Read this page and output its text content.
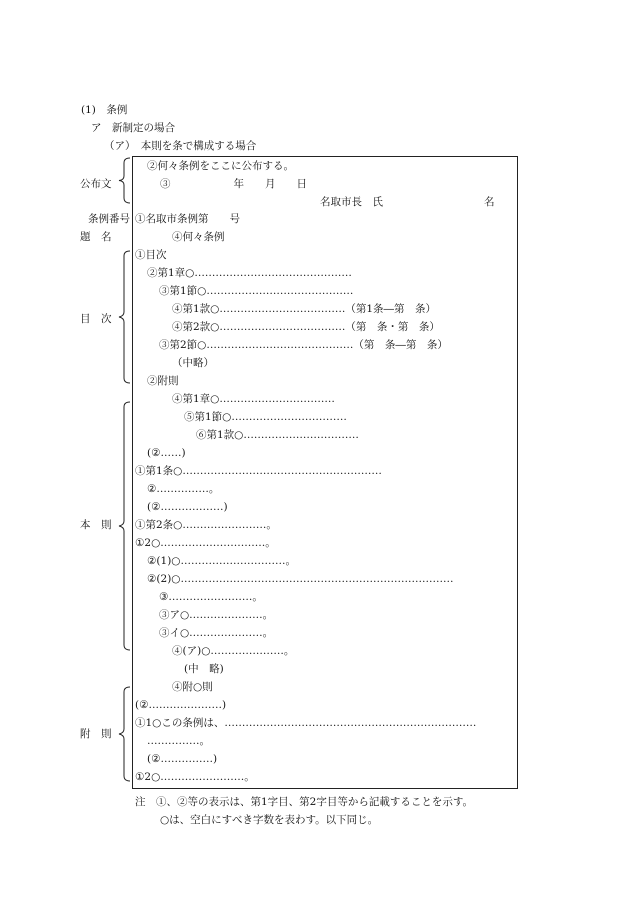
(1)　条例
ア　新制定の場合
（ア）　本則を条で構成する場合
公布文
条例番号
題　名
目　次
本　則
附　則
②何々条例をここに公布する。
③　　　　　　年　　月　　日
名取市長　氏	名
①名取市条例第　　号
④何々条例
①目次
②第1章○………………………………………
③第1節○……………………………………
④第1款○………………………………（第1条―第　条）
④第2款○………………………………（第　条・第　条）
③第2節○……………………………………（第　条―第　条）
（中略）
②附則
④第1章○……………………………
⑤第1節○……………………………
⑥第1款○……………………………
(②……)
①第1条○…………………………………………………
②……………。
(②………………)
①第2条○……………………。
①2○…………………………。
②(1)○…………………………。
②(2)○……………………………………………………………………
③……………………。
③ア○…………………。
③イ○…………………。
④(ア)○…………………。
(中　略)
④附○則
(②…………………)
①1○この条例は、………………………………………………………………
……………。
(②……………)
①2○……………………。
注　①、②等の表示は、第1字目、第2字目等から記載することを示す。
○は、空白にすべき字数を表わす。以下同じ。
